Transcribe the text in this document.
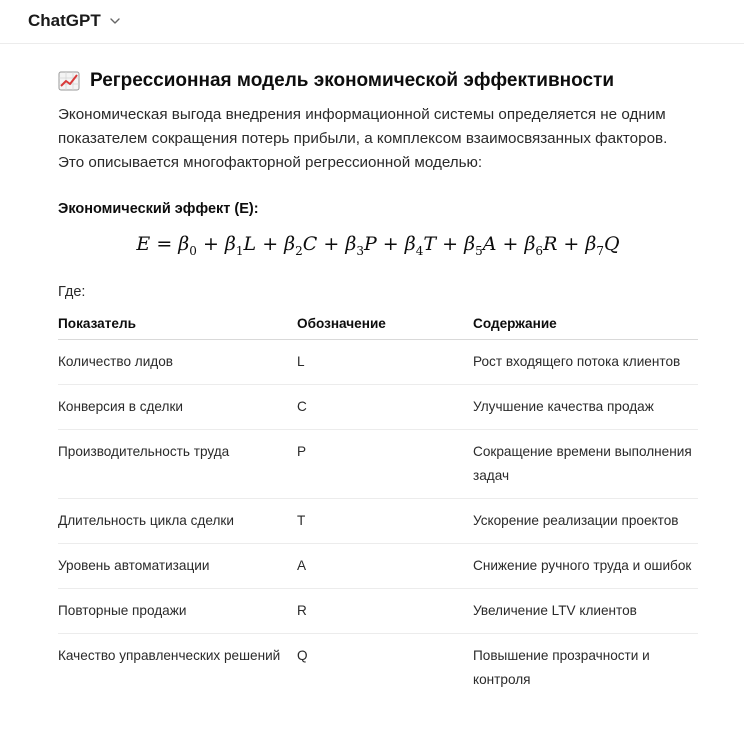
ChatGPT
Регрессионная модель экономической эффективности
Экономическая выгода внедрения информационной системы определяется не одним
показателем сокращения потерь прибыли, а комплексом взаимосвязанных факторов.
Это описывается многофакторной регрессионной моделью:
Экономический эффект (E):
$E = \beta_0 + \beta_1L + \beta_2C + \beta_3P + \beta_4T + \beta_5A + \beta_6R + \beta_7Q$
Где:
Показатель	Обозначение	Содержание
Количество лидов	L	Рост входящего потока клиентов
Конверсия в сделки	C	Улучшение качества продаж
Производительность труда	P	Сокращение времени выполнения задач
Длительность цикла сделки	T	Ускорение реализации проектов
Уровень автоматизации	A	Снижение ручного труда и ошибок
Повторные продажи	R	Увеличение LTV клиентов
Качество управленческих решений	Q	Повышение прозрачности и контроля
